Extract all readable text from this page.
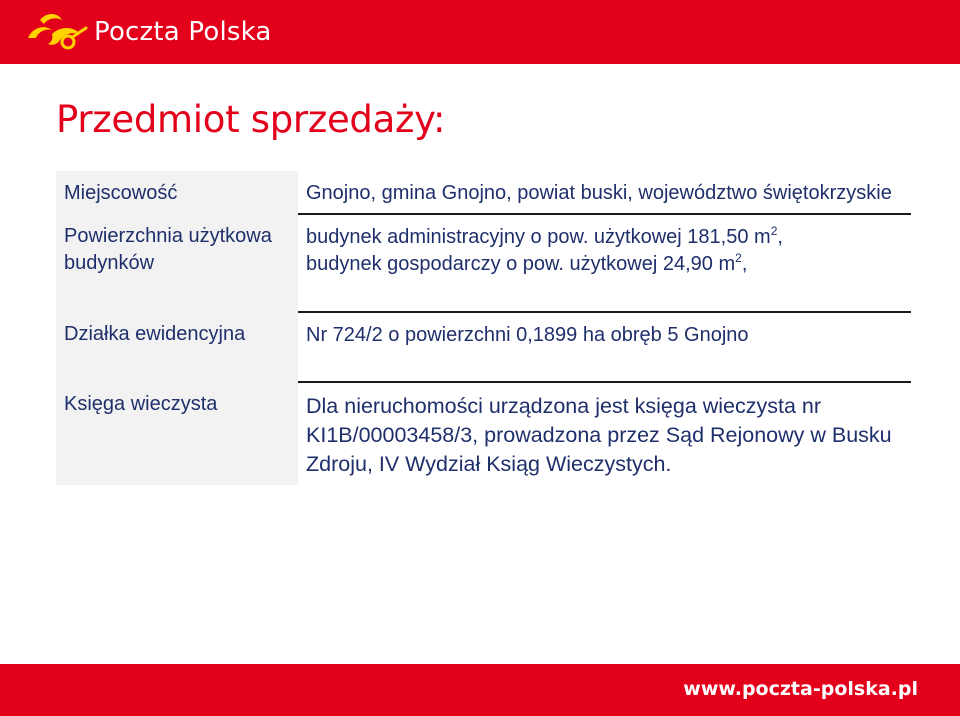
Poczta Polska
Przedmiot sprzedaży:
Miejscowość	Gnojno, gmina Gnojno, powiat buski, województwo świętokrzyskie
Powierzchnia użytkowa budynków	budynek administracyjny o pow. użytkowej 181,50 $m^2$,
budynek gospodarczy o pow. użytkowej 24,90 $m^2$,

Działka ewidencyjna	Nr 724/2 o powierzchni 0,1899 ha obręb 5 Gnojno
Księga wieczysta	Dla nieruchomości urządzona jest księga wieczysta nr KI1B/00003458/3, prowadzona przez Sąd Rejonowy w Busku Zdroju, IV Wydział Ksiąg Wieczystych.
www.poczta-polska.pl
